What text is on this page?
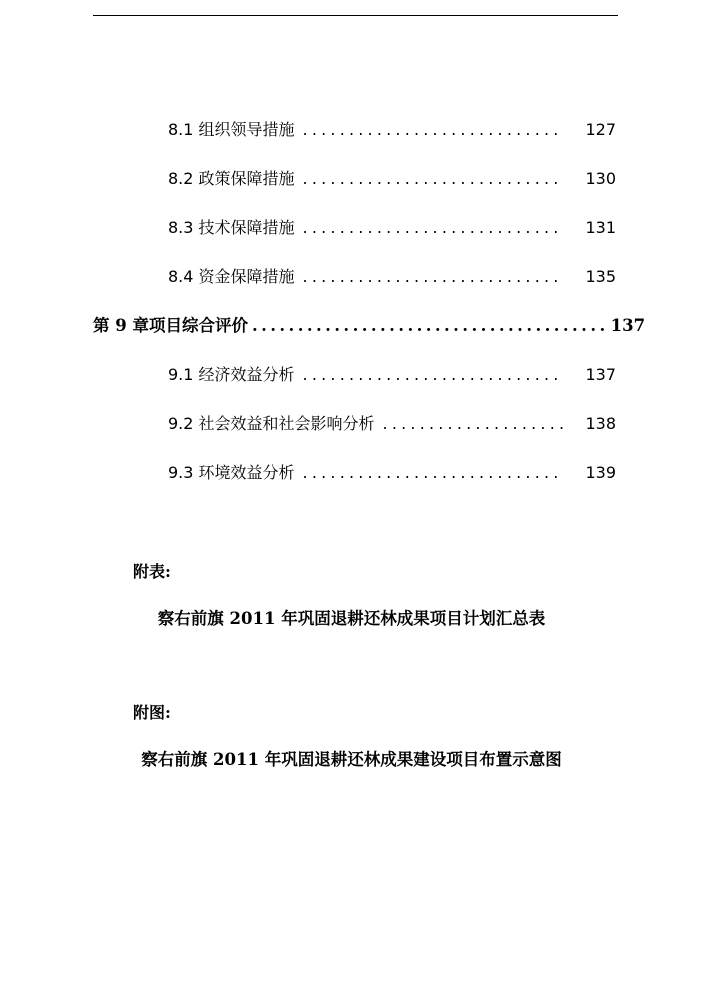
8.1 组织领导措施 ............................	127
8.2 政策保障措施 ............................	130
8.3 技术保障措施 ............................	131
8.4 资金保障措施 ............................	135
第 9 章 项目综合评价 ....................................... 137
9.1 经济效益分析 ............................	137
9.2 社会效益和社会影响分析 ....................	138
9.3 环境效益分析 ............................	139
附表:
察右前旗 2011 年巩固退耕还林成果项目计划汇总表
附图:
察右前旗 2011 年巩固退耕还林成果建设项目布置示意图
